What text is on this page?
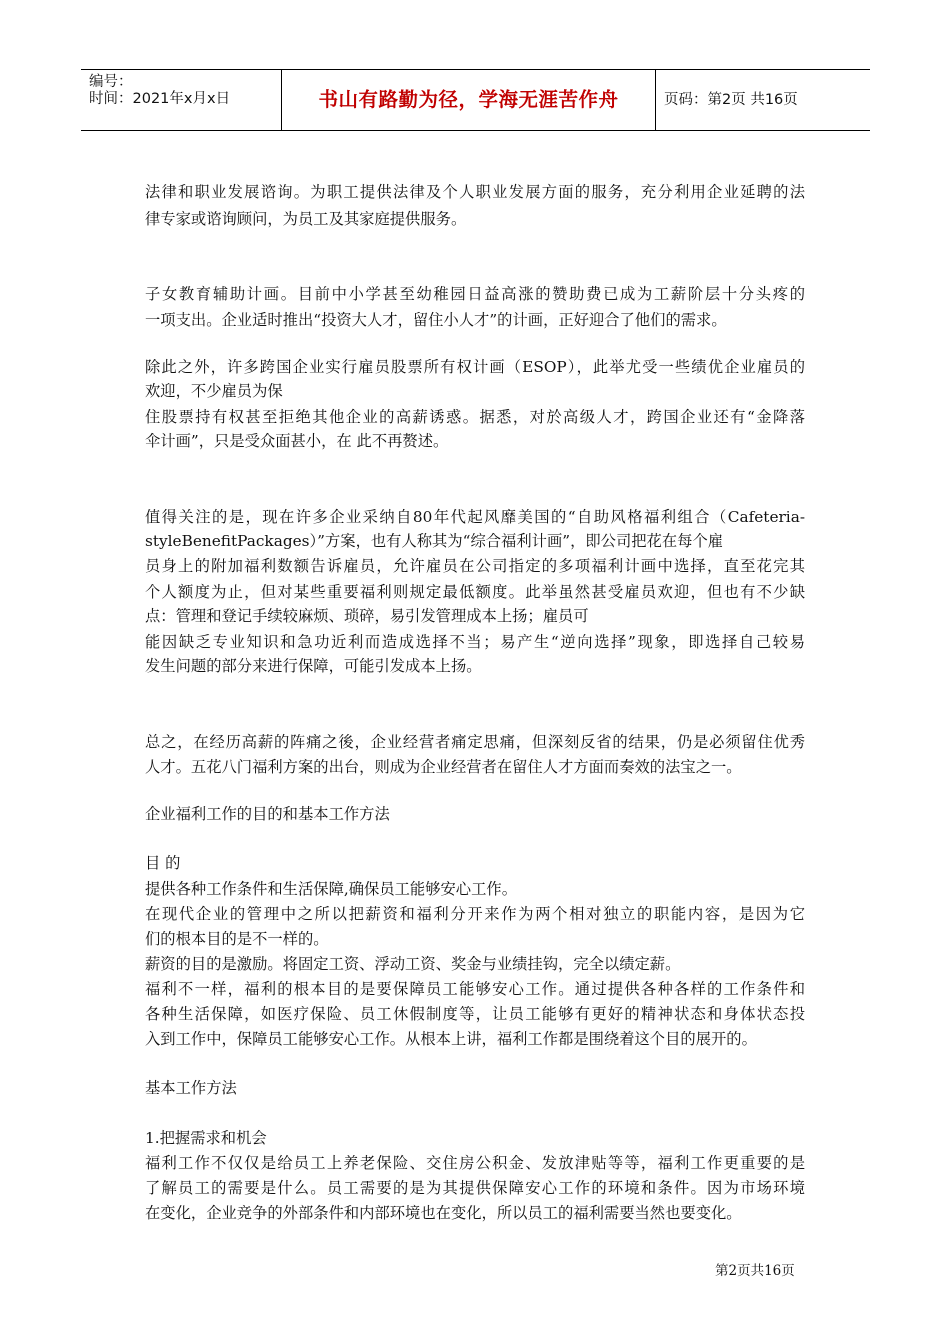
编号：
时间：2021年x月x日	书山有路勤为径，学海无涯苦作舟	页码：第2页 共16页
法律和职业发展谘询。为职工提供法律及个人职业发展方面的服务，充分利用企业延聘的法
律专家或谘询顾问，为员工及其家庭提供服务。
子女教育辅助计画。目前中小学甚至幼稚园日益高涨的赞助费已成为工薪阶层十分头疼的
一项支出。企业适时推出“投资大人才，留住小人才”的计画，正好迎合了他们的需求。
除此之外，许多跨国企业实行雇员股票所有权计画（ESOP），此举尤受一些绩优企业雇员的
欢迎，不少雇员为保
住股票持有权甚至拒绝其他企业的高薪诱惑。据悉，对於高级人才，跨国企业还有“金降落
伞计画”，只是受众面甚小，在 此不再赘述。
值得关注的是，现在许多企业采纳自80年代起风靡美国的“自助风格福利组合（Cafeteria-
styleBenefitPackages）”方案，也有人称其为“综合福利计画”，即公司把花在每个雇
员身上的附加福利数额告诉雇员，允许雇员在公司指定的多项福利计画中选择，直至花完其
个人额度为止，但对某些重要福利则规定最低额度。此举虽然甚受雇员欢迎，但也有不少缺
点：管理和登记手续较麻烦、琐碎，易引发管理成本上扬；雇员可
能因缺乏专业知识和急功近利而造成选择不当；易产生“逆向选择”现象，即选择自己较易
发生问题的部分来进行保障，可能引发成本上扬。
总之，在经历高薪的阵痛之後，企业经营者痛定思痛，但深刻反省的结果，仍是必须留住优秀
人才。五花八门福利方案的出台，则成为企业经营者在留住人才方面而奏效的法宝之一。
企业福利工作的目的和基本工作方法
目 的
提供各种工作条件和生活保障,确保员工能够安心工作。
在现代企业的管理中之所以把薪资和福利分开来作为两个相对独立的职能内容，是因为它
们的根本目的是不一样的。
薪资的目的是激励。将固定工资、浮动工资、奖金与业绩挂钩，完全以绩定薪。
福利不一样，福利的根本目的是要保障员工能够安心工作。通过提供各种各样的工作条件和
各种生活保障，如医疗保险、员工休假制度等，让员工能够有更好的精神状态和身体状态投
入到工作中，保障员工能够安心工作。从根本上讲，福利工作都是围绕着这个目的展开的。
基本工作方法
1.把握需求和机会
福利工作不仅仅是给员工上养老保险、交住房公积金、发放津贴等等，福利工作更重要的是
了解员工的需要是什么。员工需要的是为其提供保障安心工作的环境和条件。因为市场环境
在变化，企业竞争的外部条件和内部环境也在变化，所以员工的福利需要当然也要变化。
第2页共16页
